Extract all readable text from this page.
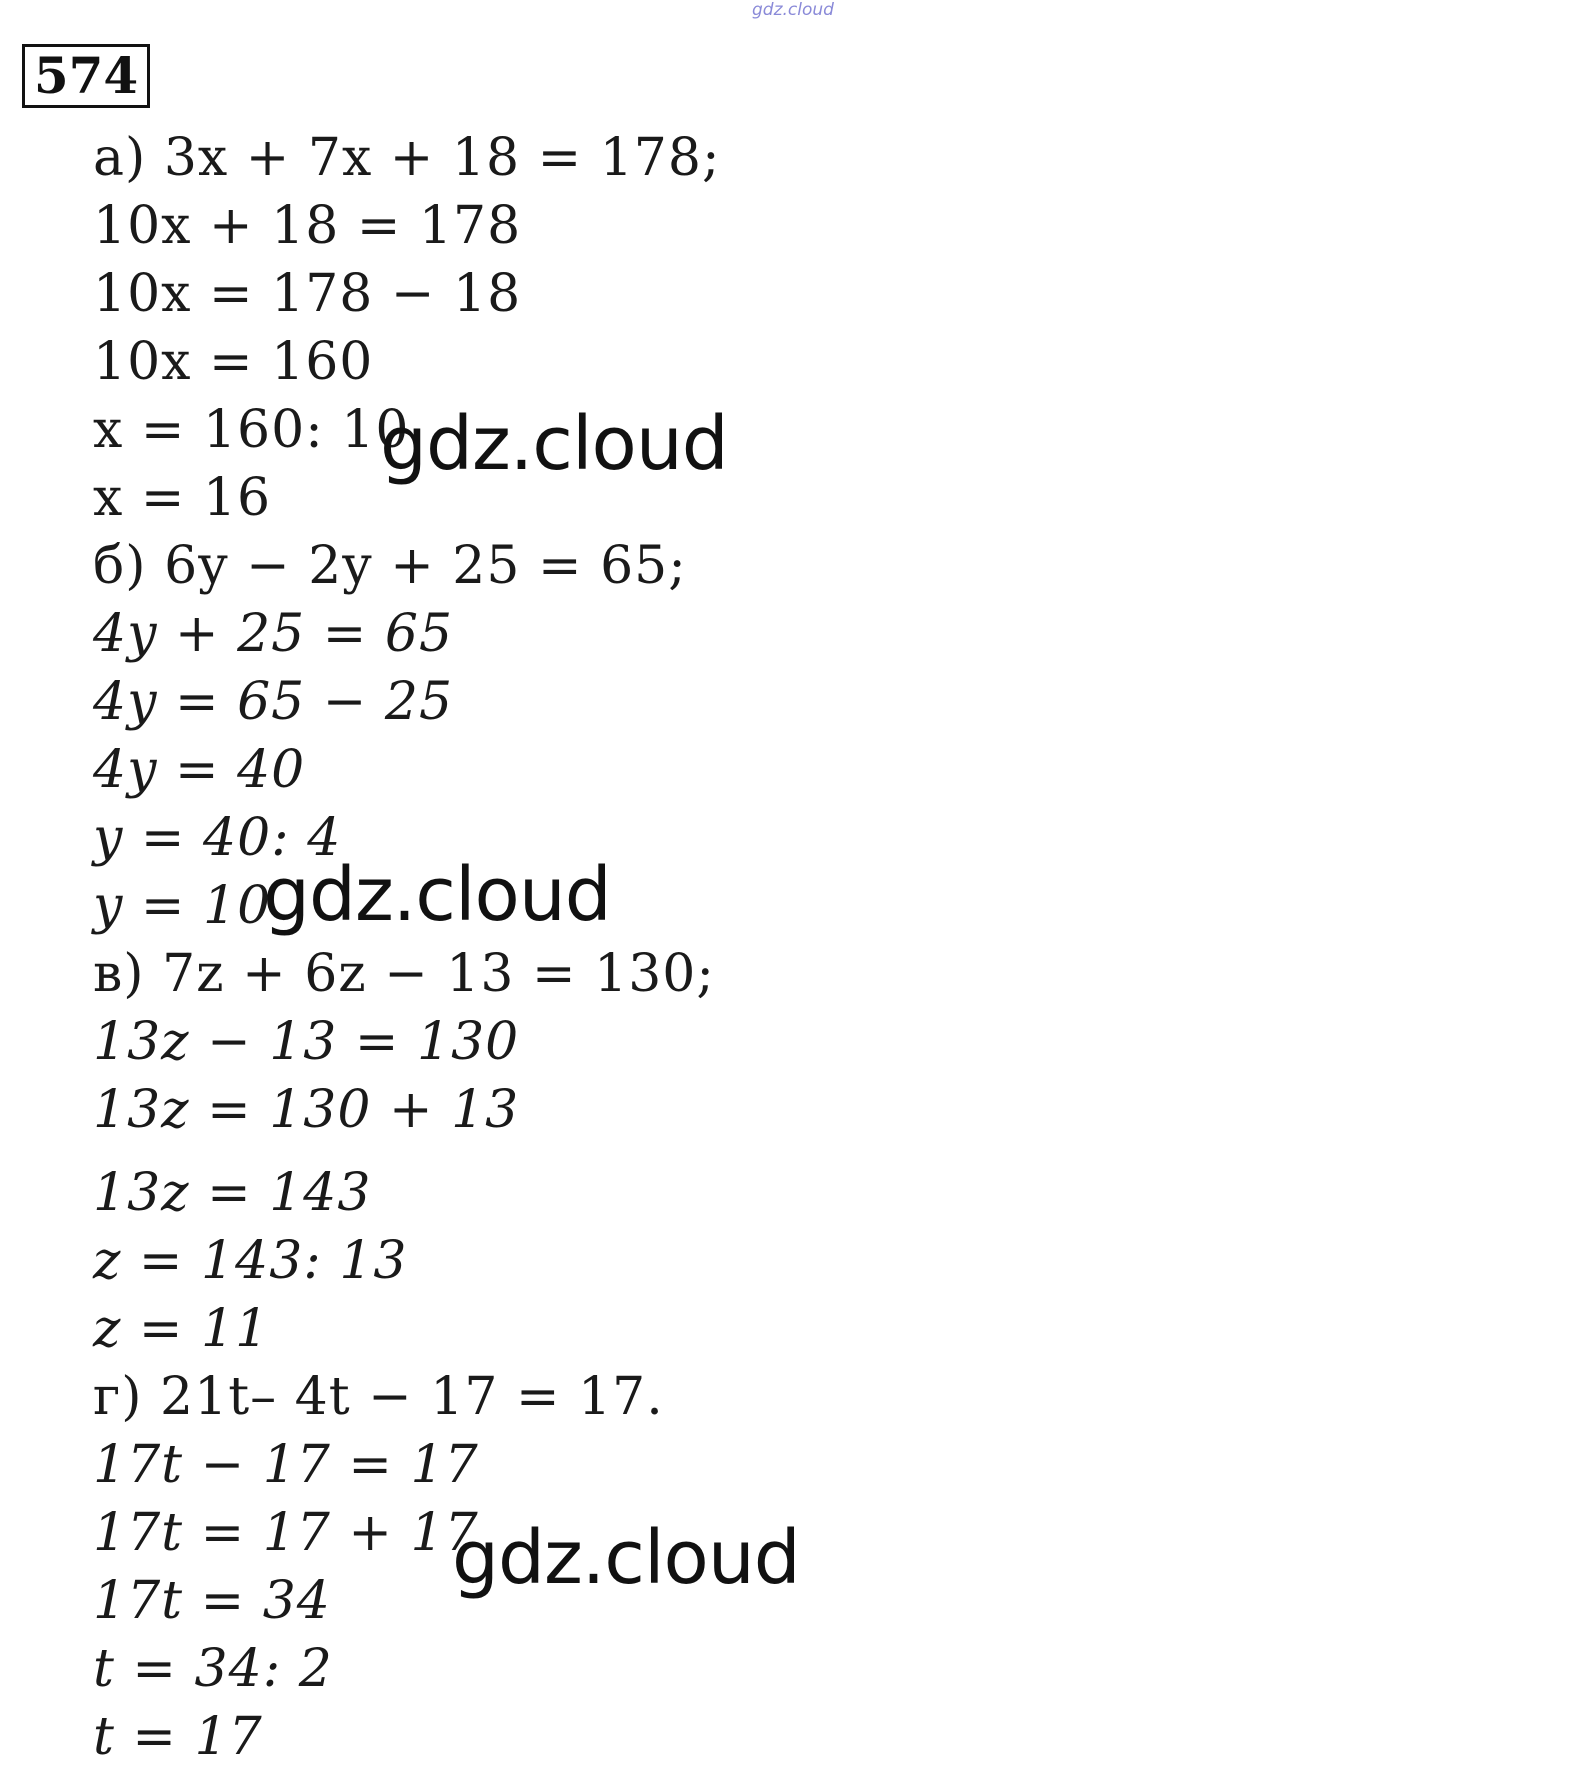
gdz.cloud
574
а) 3x + 7x + 18 = 178;
10x + 18 = 178
10x = 178 − 18
10x = 160
x = 160: 10
x = 16
б) 6y − 2y + 25 = 65;
4y + 25 = 65
4y = 65 − 25
4y = 40
y = 40: 4
y = 10
в) 7z + 6z − 13 = 130;
13z − 13 = 130
13z = 130 + 13
13z = 143
z = 143: 13
z = 11
г) 21t– 4t − 17 = 17.
17t − 17 = 17
17t = 17 + 17
17t = 34
t = 34: 2
t = 17
gdz.cloud
gdz.cloud
gdz.cloud
